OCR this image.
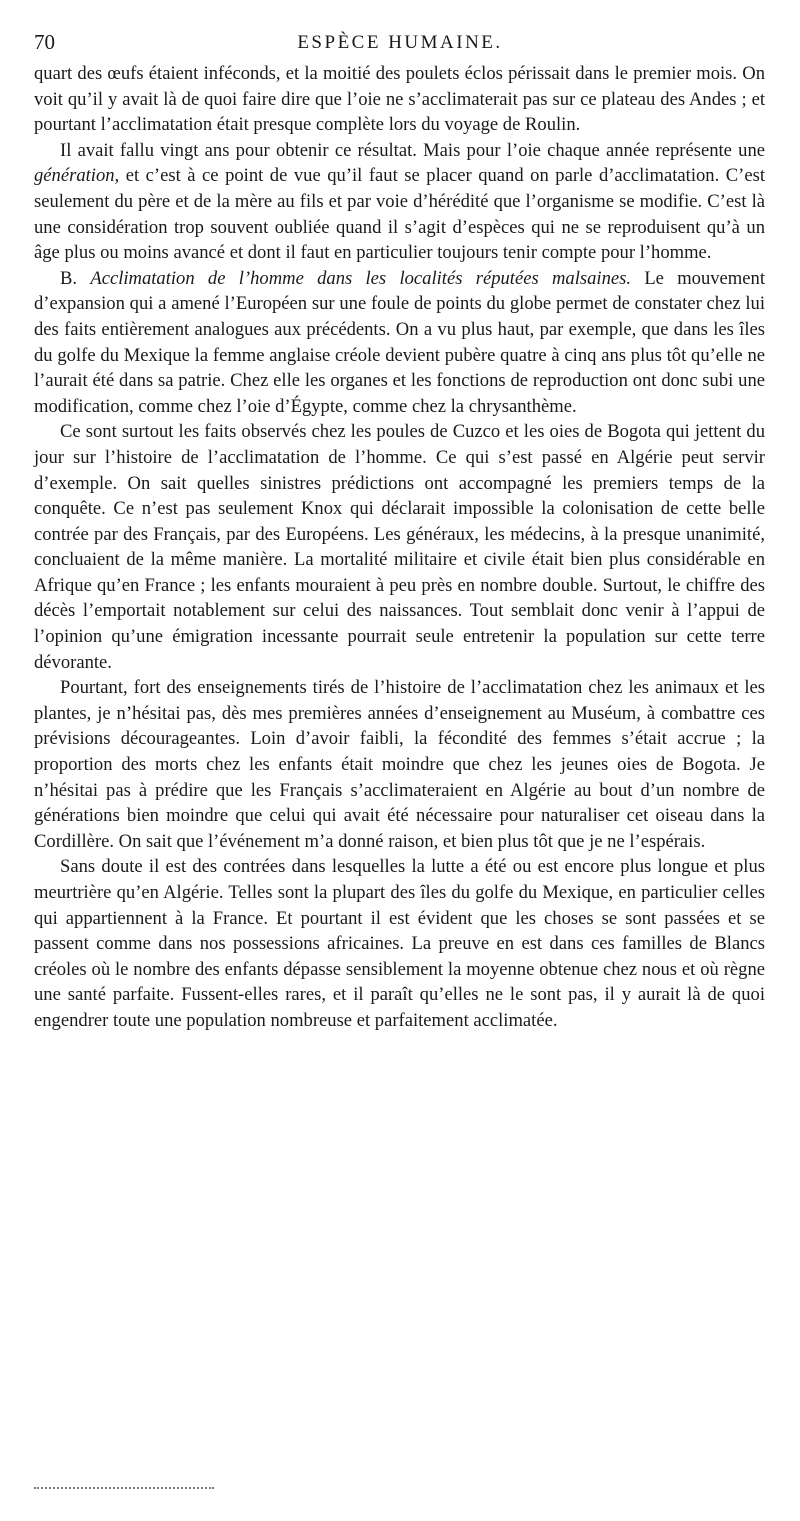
70	ESPÈCE HUMAINE.

quart des œufs étaient inféconds, et la moitié des poulets éclos périssait dans le premier mois. On voit qu’il y avait là de quoi faire dire que l’oie ne s’acclimaterait pas sur ce plateau des Andes ; et pourtant l’acclimatation était presque complète lors du voyage de Roulin.

Il avait fallu vingt ans pour obtenir ce résultat. Mais pour l’oie chaque année représente une génération, et c’est à ce point de vue qu’il faut se placer quand on parle d’acclimatation. C’est seulement du père et de la mère au fils et par voie d’hérédité que l’organisme se modifie. C’est là une considération trop souvent oubliée quand il s’agit d’espèces qui ne se reproduisent qu’à un âge plus ou moins avancé et dont il faut en particulier toujours tenir compte pour l’homme.

B. Acclimatation de l’homme dans les localités réputées malsaines. Le mouvement d’expansion qui a amené l’Européen sur une foule de points du globe permet de constater chez lui des faits entièrement analogues aux précédents. On a vu plus haut, par exemple, que dans les îles du golfe du Mexique la femme anglaise créole devient pubère quatre à cinq ans plus tôt qu’elle ne l’aurait été dans sa patrie. Chez elle les organes et les fonctions de reproduction ont donc subi une modification, comme chez l’oie d’Égypte, comme chez la chrysanthème.

Ce sont surtout les faits observés chez les poules de Cuzco et les oies de Bogota qui jettent du jour sur l’histoire de l’acclimatation de l’homme. Ce qui s’est passé en Algérie peut servir d’exemple. On sait quelles sinistres prédictions ont accompagné les premiers temps de la conquête. Ce n’est pas seulement Knox qui déclarait impossible la colonisation de cette belle contrée par des Français, par des Européens. Les généraux, les médecins, à la presque unanimité, concluaient de la même manière. La mortalité militaire et civile était bien plus considérable en Afrique qu’en France ; les enfants mouraient à peu près en nombre double. Surtout, le chiffre des décès l’emportait notablement sur celui des naissances. Tout semblait donc venir à l’appui de l’opinion qu’une émigration incessante pourrait seule entretenir la population sur cette terre dévorante.

Pourtant, fort des enseignements tirés de l’histoire de l’acclimatation chez les animaux et les plantes, je n’hésitai pas, dès mes premières années d’enseignement au Muséum, à combattre ces prévisions décourageantes. Loin d’avoir faibli, la fécondité des femmes s’était accrue ; la proportion des morts chez les enfants était moindre que chez les jeunes oies de Bogota. Je n’hésitai pas à prédire que les Français s’acclimateraient en Algérie au bout d’un nombre de générations bien moindre que celui qui avait été nécessaire pour naturaliser cet oiseau dans la Cordillère. On sait que l’événement m’a donné raison, et bien plus tôt que je ne l’espérais.

Sans doute il est des contrées dans lesquelles la lutte a été ou est encore plus longue et plus meurtrière qu’en Algérie. Telles sont la plupart des îles du golfe du Mexique, en particulier celles qui appartiennent à la France. Et pourtant il est évident que les choses se sont passées et se passent comme dans nos possessions africaines. La preuve en est dans ces familles de Blancs créoles où le nombre des enfants dépasse sensiblement la moyenne obtenue chez nous et où règne une santé parfaite. Fussent-elles rares, et il paraît qu’elles ne le sont pas, il y aurait là de quoi engendrer toute une population nombreuse et parfaitement acclimatée.
